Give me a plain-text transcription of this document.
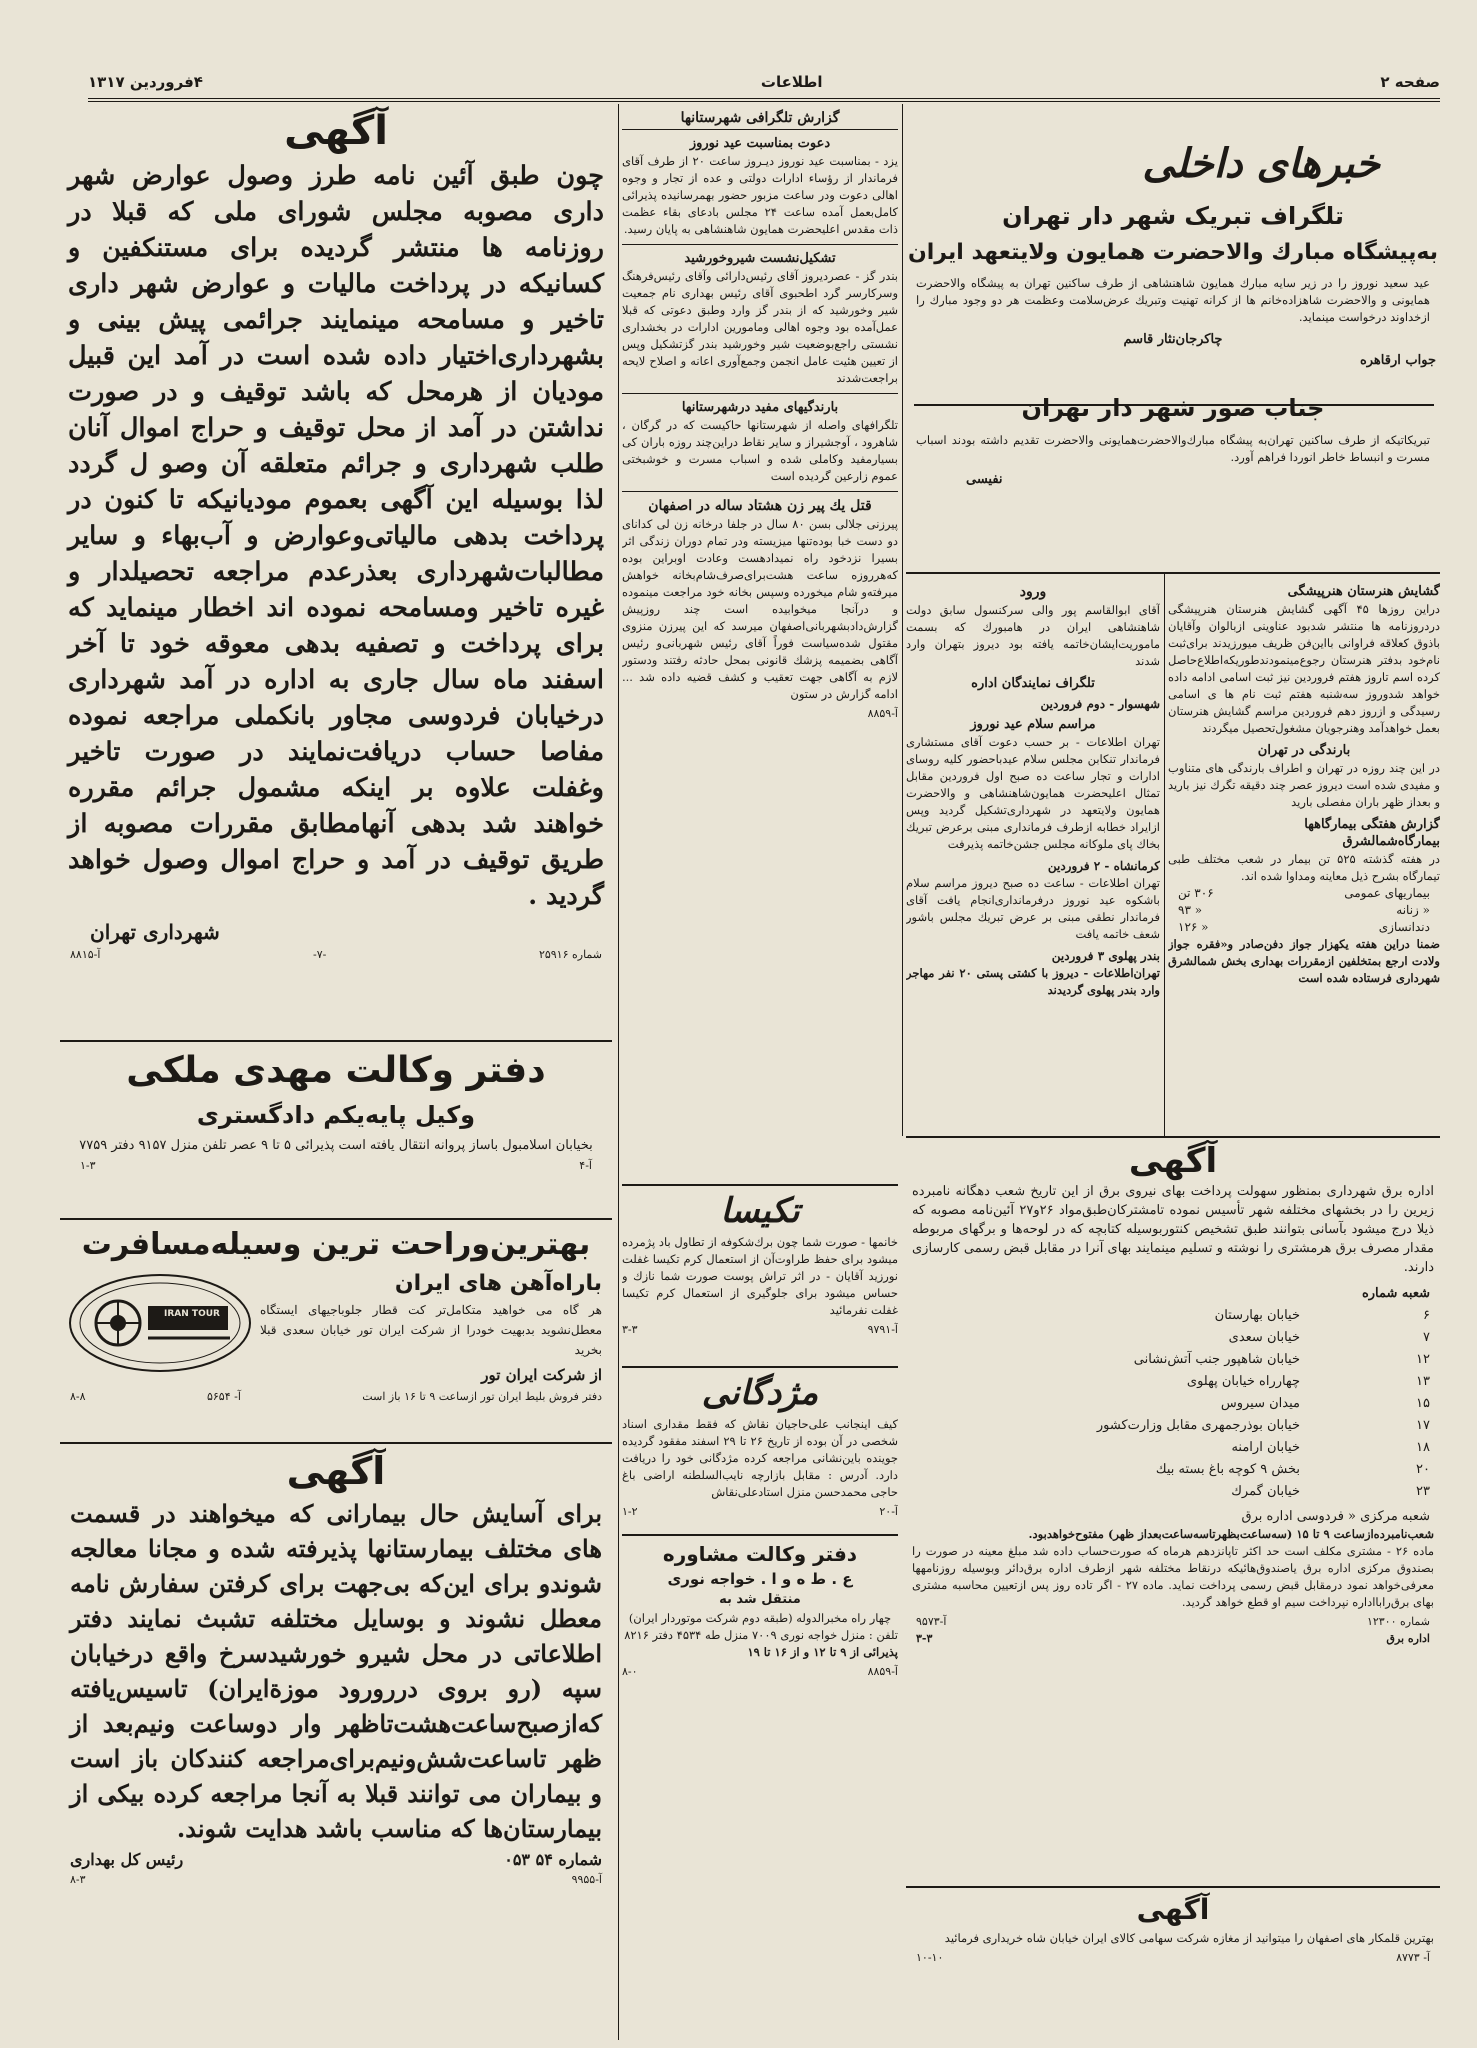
صفحه ۲
اطلاعات
۴فروردین ۱۳۱۷
خبرهای داخلی
تلگراف تبریک شهر دار تهران
به‌پیشگاه مبارك والاحضرت همایون ولایتعهد ایران

عید سعید نوروز را در زیر سایه مبارك همایون شاهنشاهی از طرف ساکنین تهران به پیشگاه والاحضرت همایونی و والاحضرت شاهزاده‌خانم ها از کرانه تهنیت وتبریك عرض‌سلامت وعظمت هر دو وجود مبارك را ازخداوند درخواست مینماید.

چاکرجان‌نثار قاسم
جواب ارقاهره
جناب صور شهر دار تهران

تبریکاتیکه از طرف ساکنین تهران‌به پیشگاه مبارك‌والاحضرت‌همایونی والاحضرت تقدیم داشته بودند اسباب مسرت و انبساط خاطر انوردا فراهم آورد.

نفیسی
گشایش هنرستان هنرپیشگی

دراین روزها ۴۵ آگهی گشایش هنرستان هنرپیشگی دردروزنامه ها منتشر شدبود عناوینی ازبالوان وآقایان باذوق کعلاقه فراوانی بااین‌فن ظریف میورزیدند برای‌ثبت نام‌خود بدفتر هنرستان رجوع‌مینمودند‌طوریکه‌اطلاع‌حاصل کرده اسم تاروز هفتم فروردین نیز ثبت اسامی ادامه داده خواهد شدوروز سه‌شنبه هفتم ثبت نام ها ی اسامی رسیدگی و ازروز دهم فروردین مراسم گشایش هنرستان بعمل خواهدآمد وهنرجویان مشغول‌تحصیل میگردند

بارندگی در تهران

در این چند روزه در تهران و اطراف بارندگی های متناوب و مفیدی شده است دیروز عصر چند دقیقه تگرك نیز بارید و بعداز ظهر باران مفصلی بارید

گزارش هفتگی بیمارگاهها
بیمارگاه‌شمالشرق

در هفته گذشته ۵۲۵ تن بیمار در شعب مختلف طبی تیمارگاه بشرح ذیل معاینه ومداوا شده اند.

بیماریهای عمومی
۳۰۶ تن
« زنانه
« ۹۳
دندانسازی
« ۱۲۶

ضمنا دراین هفته یکهزار جواز دفن‌صادر و«فقره جواز ولادت ارجع بمتخلفین ازمقررات بهداری بخش شمالشرق شهرداری فرستاده شده است

ورود

آقای ابوالقاسم پور والی سرکنسول سابق دولت شاهنشاهی ایران در هامبورك که بسمت ماموریت‌ایشان‌خاتمه یافته بود دیروز بتهران وارد شدند

تلگراف نمایندگان اداره
شهسوار - دوم فروردین
مراسم سلام عید نوروز

تهران اطلاعات - بر حسب دعوت آقای مستشاری فرماندار تنکابن مجلس سلام عید‌باحضور کلیه روسای ادارات و تجار ساعت ده صبح اول فروردین مقابل تمثال اعلیحضرت همایون‌شاهنشاهی و والاحضرت همایون ولایتعهد در شهرداری‌تشکیل گردید وپس ازایراد خطابه ازطرف فرمانداری مبنی برعرض تبریك بخاك پای ملوکانه مجلس جشن‌خاتمه پذیرفت

کرمانشاه - ۲ فروردین

تهران اطلاعات - ساعت ده صبح دیروز مراسم سلام باشکوه عید نوروز درفرمانداری‌انجام یافت آقای فرماندار نطقی مبنی بر عرض تبریك مجلس باشور شعف خاتمه یافت

بندر پهلوی ۳ فروردین

تهران‌اطلاعات - دیروز با کشتی پستی ۲۰ نفر مهاجر وارد بندر پهلوی گردیدند

آگهی

اداره برق شهرداری بمنظور سهولت پرداخت بهای نیروی برق از این تاریخ شعب دهگانه نامبرده زیرین را در بخشهای مختلفه شهر تأسیس نموده تامشترکان‌طبق‌مواد ۲۶و۲۷ آئین‌نامه مصوبه که ذیلا درج میشود بآسانی بتوانند طبق تشخیص کنتوربوسیله کتابچه که در لوحه‌ها و برگهای مربوطه مقدار مصرف برق هرمشتری را نوشته و تسلیم مینمایند بهای آنرا در مقابل قبض رسمی کارسازی دارند.

شعبه شماره
۶
خیابان بهارستان
۷
خیابان سعدی
۱۲
خیابان شاهپور جنب آتش‌نشانی
۱۳
چهارراه خیابان پهلوی
۱۵
میدان سیروس
۱۷
خیابان بوذرجمهری مقابل وزارت‌کشور
۱۸
خیابان ارامنه
۲۰
بخش ۹ کوچه باغ بسته بیك
۲۳
خیابان گمرك

شعبه مرکزی « فردوسی اداره برق

شعب‌نامبرده‌ازساعت ۹ تا ۱۵ (سه‌ساعت‌بظهر‌تاسه‌ساعت‌بعداز ظهر) مفتوح‌خواهدبود.

ماده ۲۶ - مشتری مکلف است حد اکثر تاپانزدهم هرماه که صورت‌حساب داده شد مبلغ معینه در صورت را بصندوق مرکزی اداره برق یا‌صندوق‌هائیکه درنقاط مختلفه شهر ازطرف اداره برق‌دائر وبوسیله روزنامهها معرفی‌خواهد نمود درمقابل قبض رسمی پرداخت نماید. ماده ۲۷ - اگر تاده روز پس ازتعیین محاسبه مشتری بهای برق‌رابااداره نپرداخت سیم او قطع خواهد گردید.

شماره ۱۲۳۰۰
آ-۹۵۷۳
اداره برق
۳-۳
آگهی

بهترین قلمکار های اصفهان را میتوانید از مغازه شرکت سهامی کالای ایران خیابان شاه خریداری فرمائید

آ- ۸۷۷۳
۱۰-۱۰
گزارش تلگرافی شهرستانها
دعوت بمناسبت عید نوروز

یزد - بمناسبت عید نوروز دیـروز ساعت ۲۰ از طرف آقای فرماندار از رؤساء ادارات دولتی و عده از تجار و وجوه اهالی دعوت ودر ساعت مزبور حضور بهمرسانیده پذیرائی کامل‌بعمل آمده ساعت ۲۴ مجلس بادعای بقاء عظمت ذات مقدس اعلیحضرت همایون شاهنشاهی به پایان رسید.

تشکیل‌نشست شیروخورشید

بندر گز - عصردیروز آقای رئیس‌دارائی وآقای رئیس‌فرهنگ وسرکارسر گرد اطحبوی آقای رئیس بهداری نام جمعیت شیر وخورشید که از بندر گز وارد وطبق دعوتی که قبلا عمل‌آمده بود وجوه اهالی ومامورین ادارات در بخشداری نشستی راجع‌بوضعیت شیر وخورشید بندر گزتشکیل وپس از تعیین هئیت عامل انجمن وجمع‌آوری اعانه و اصلاح لایحه براجعت‌شدند

بارندگیهای مفید درشهرستانها

تلگرافهای واصله از شهرستانها حاکیست که در گرگان ، شاهرود ، آوجشیراز و سایر نقاط دراین‌چند روزه باران کی بسیارمفید وکاملی شده و اسباب مسرت و خوشبختی عموم زارعین گردیده است

قتل یك پیر زن هشتاد ساله در اصفهان

پیرزنی جلالی بسن ۸۰ سال در جلفا درخانه زن لی کدانای دو دست خبا بوده‌تنها میزیسته ودر تمام دوران زندگی اثر بسیرا نزدخود راه نمیدادهست وعادت اوبراین بوده که‌هرروزه ساعت هشت‌برای‌صرف‌شام‌بخانه خواهش میرفته‌و شام میخورده وسپس بخانه خود مراجعت مینموده و درآنجا میخوابیده است چند روزپیش گزارش‌داد‌بشهربانی‌اصفهان میرسد که این پیرزن منزوی مقتول شده‌سیاست فوراً آقای رئیس شهربانی‌و رئیس آگاهی بضمیمه پزشك قانونی بمحل حادثه رفتند ودستور لازم به آگاهی جهت تعقیب و کشف قضیه داده شد ... ادامه گزارش در ستون

آ-۸۸۵۹
تکیسا

خانمها - صورت شما چون برك‌شکوفه از تطاول باد پژمرده میشود برای حفظ طراوت‌آن از استعمال کرم تکیسا غفلت نورزید آقایان - در اثر تراش پوست صورت شما نازك و حساس میشود برای جلوگیری از استعمال کرم تکیسا غفلت نفرمائید

آ-۹۷۹۱
۳-۳
مژدگانی

کیف اینجانب علی‌حاجیان نقاش که فقط مقداری اسناد شخصی در آن بوده از تاریخ ۲۶ تا ۲۹ اسفند مفقود گردیده جوینده باین‌نشانی مراجعه کرده مژدگانی خود را دریافت دارد. آدرس : مقابل بازارچه نایب‌السلطنه اراضی باغ حاجی محمد‌حسن منزل استادعلی‌نقاش

آ-۲۰
۱-۲
دفتر وکالت مشاوره
ع . ط ه و ا . خواجه نوری
منتقل شد به

چهار راه مخبرالدوله (طبقه دوم شرکت موتوردار ایران)

تلفن : منزل خواجه نوری ۷۰۰۹ منزل طه ۴۵۳۴ دفتر ۸۲۱۶

پذیرائی از ۹ تا ۱۲ و از ۱۶ تا ۱۹

آ-۸۸۵۹
۸-۰
آگهی

چون طبق آئین نامه طرز وصول عوارض شهر داری مصوبه مجلس شورای ملی که قبلا در روزنامه ها منتشر گردیده برای مستنکفین و کسانیکه در پرداخت مالیات و عوارض شهر داری تاخیر و مسامحه مینمایند جرائمی پیش بینی و بشهرداری‌اختیار داده شده است در آمد این قبیل مودیان از هرمحل که باشد توقیف و در صورت نداشتن در آمد از محل توقیف و حراج اموال آنان طلب شهرداری و جرائم متعلقه آن وصو ل گردد لذا بوسیله این آگهی بعموم مودیانیکه تا کنون در پرداخت بدهی مالیاتی‌وعوارض و آب‌بهاء و سایر مطالبات‌شهرداری بعذر‌عدم مراجعه تحصیلدار و غیره تاخیر ومسامحه نموده اند اخطار مینماید که برای پرداخت و تصفیه بدهی معوقه خود تا آخر اسفند ماه سال جاری به اداره در آمد شهرداری درخیابان فردوسی مجاور بانکملی مراجعه نموده مفاصا حساب دریافت‌نمایند در صورت تاخیر وغفلت علاوه بر اینکه مشمول جرائم مقرره خواهند شد بدهی آنهامطابق مقررات مصوبه از طریق توقیف در آمد و حراج اموال وصول خواهد گردید .

شهرداری تهران
شماره ۲۵۹۱۶
-۷-
آ-۸۸۱۵
دفتر وکالت مهدی ملکی
وکیل پایه‌یکم دادگستری

بخیابان اسلامبول باساز پروانه انتقال یافته است پذیرائی ۵ تا ۹ عصر تلفن منزل ۹۱۵۷ دفتر ۷۷۵۹

آ-۴
۱-۳
بهترین‌وراحت ترین وسیله‌مسافرت
باراه‌آهن های ایران

هر گاه می خواهید متکامل‌تر کت قطار جلوباجیهای ایستگاه معطل‌نشوید بدبهیت خودرا از شرکت ایران تور خیابان سعدی قبلا بخرید

از شرکت ایران تور
IRAN TOUR
دفتر فروش بلیط ایران تور ازساعت ۹ تا ۱۶ باز است
آ- ۵۶۵۴
۸-۸
آگهی

برای آسایش حال بیمارانی که میخواهند در قسمت های مختلف بیمارستانها پذیرفته شده و مجانا معالجه شوندو برای این‌که بی‌جهت برای کرفتن سفارش نامه معطل نشوند و بوسایل مختلفه تشبث نمایند دفتر اطلاعاتی در محل شیرو خورشیدسرخ واقع درخیابان سپه (رو بروی دررورود موزة‌ایران) تاسیس‌یافته که‌ازصبح‌ساعت‌هشت‌تاظهر وار دوساعت ونیم‌بعد از ظهر تاساعت‌شش‌ونیم‌برای‌مراجعه کنندکان باز است و بیماران می توانند قبلا به آنجا مراجعه کرده بیکی از بیمارستان‌ها که مناسب باشد هدایت شوند.

شماره ۵۴ ۰۵۳
رئیس کل بهداری
آ-۹۹۵۵
۸-۳
